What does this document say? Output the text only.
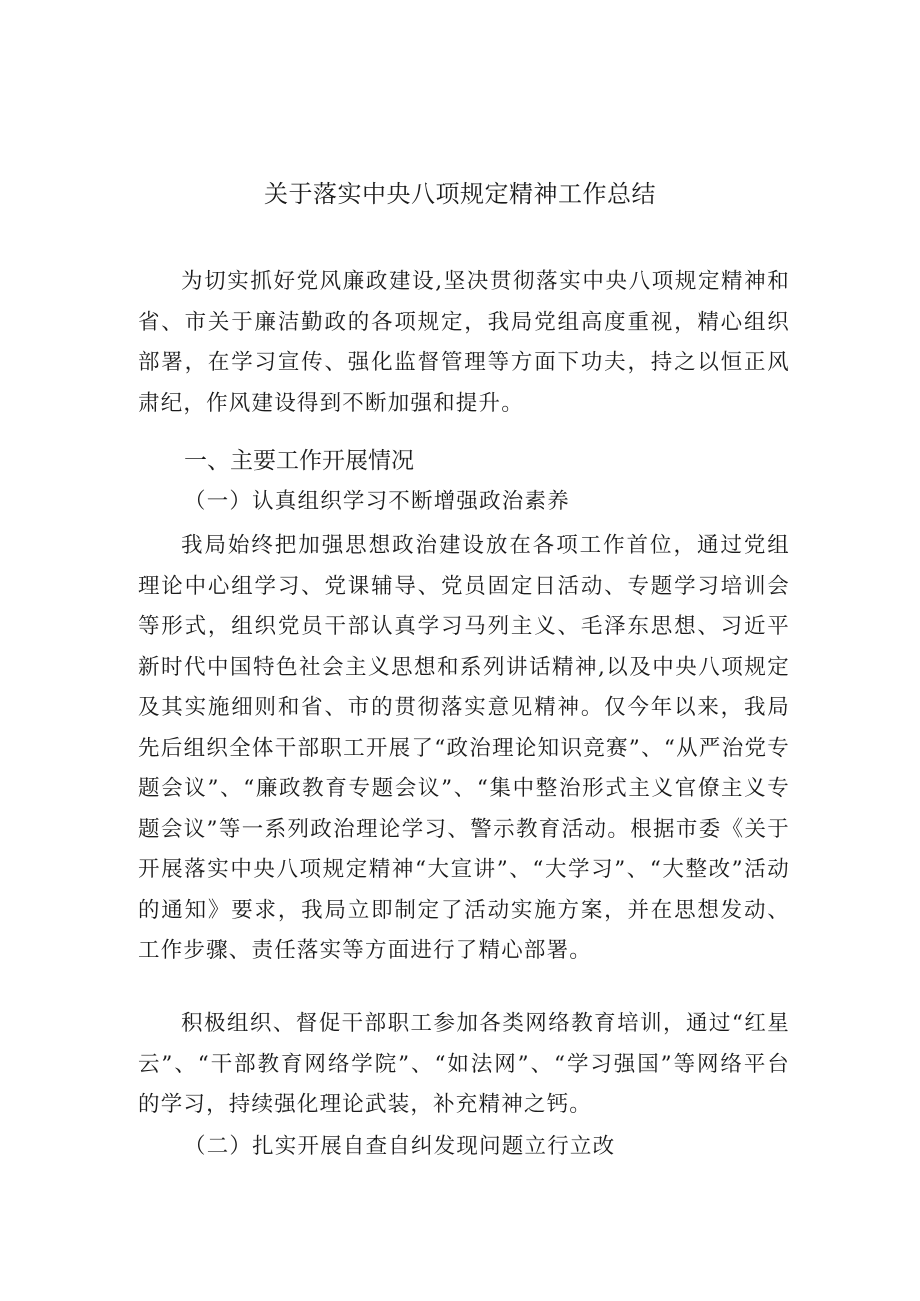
关于落实中央八项规定精神工作总结

为切实抓好党风廉政建设,坚决贯彻落实中央八项规定精神和省、市关于廉洁勤政的各项规定，我局党组高度重视，精心组织部署，在学习宣传、强化监督管理等方面下功夫，持之以恒正风肃纪，作风建设得到不断加强和提升。

一、主要工作开展情况
（一）认真组织学习不断增强政治素养

我局始终把加强思想政治建设放在各项工作首位，通过党组理论中心组学习、党课辅导、党员固定日活动、专题学习培训会等形式，组织党员干部认真学习马列主义、毛泽东思想、习近平新时代中国特色社会主义思想和系列讲话精神,以及中央八项规定及其实施细则和省、市的贯彻落实意见精神。仅今年以来，我局先后组织全体干部职工开展了“政治理论知识竞赛”、“从严治党专题会议”、“廉政教育专题会议”、“集中整治形式主义官僚主义专题会议”等一系列政治理论学习、警示教育活动。根据市委《关于开展落实中央八项规定精神“大宣讲”、“大学习”、“大整改”活动的通知》要求，我局立即制定了活动实施方案，并在思想发动、工作步骤、责任落实等方面进行了精心部署。

积极组织、督促干部职工参加各类网络教育培训，通过“红星云”、“干部教育网络学院”、“如法网”、“学习强国”等网络平台的学习，持续强化理论武装，补充精神之钙。

（二）扎实开展自查自纠发现问题立行立改
